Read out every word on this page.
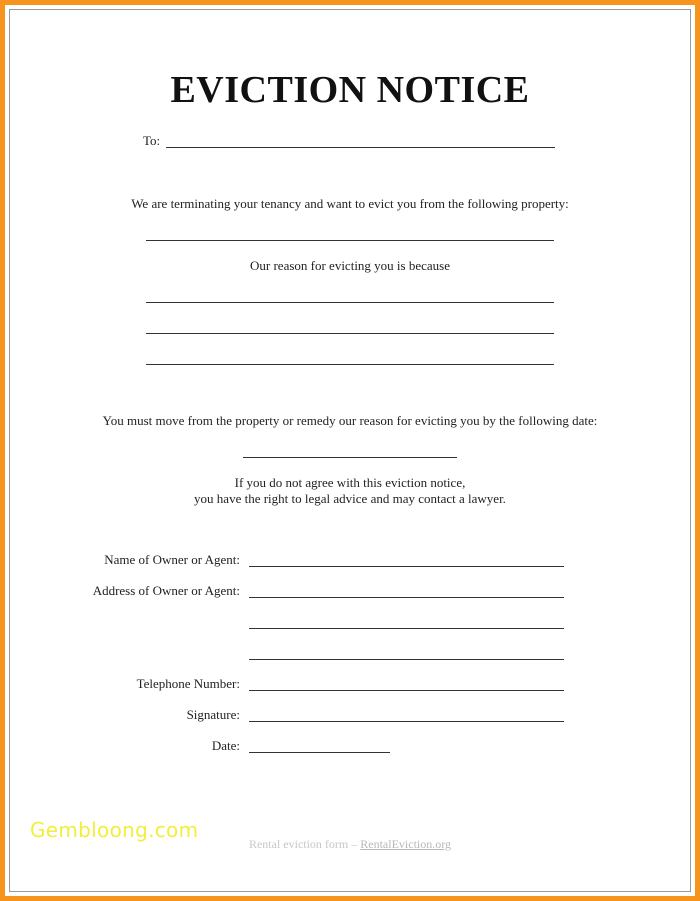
EVICTION NOTICE
To:
We are terminating your tenancy and want to evict you from the following property:
Our reason for evicting you is because
You must move from the property or remedy our reason for evicting you by the following date:
If you do not agree with this eviction notice,
you have the right to legal advice and may contact a lawyer.
Name of Owner or Agent:
Address of Owner or Agent:
Telephone Number:
Signature:
Date:
Rental eviction form – RentalEviction.org
Gembloong.com
